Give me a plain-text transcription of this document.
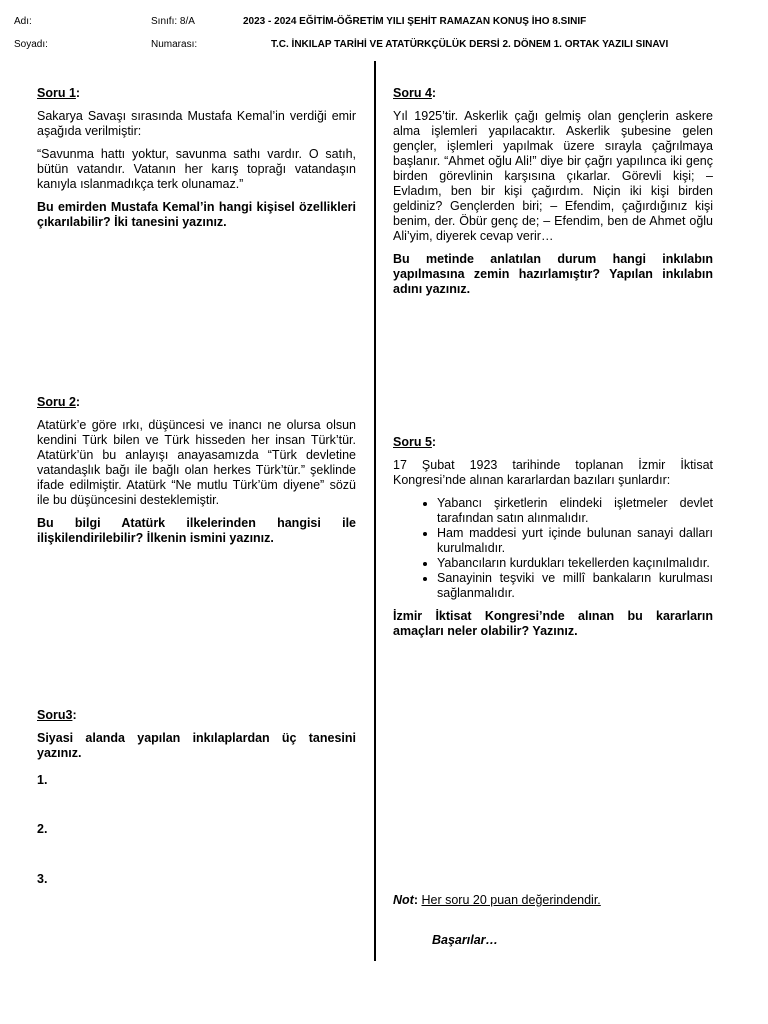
Adı:	Sınıfı: 8/A	2023 - 2024 EĞİTİM-ÖĞRETİM YILI ŞEHİT RAMAZAN KONUŞ İHO 8.SINIF
Soyadı:	Numarası:	T.C. İNKILAP TARİHİ VE ATATÜRKÇÜLÜK DERSİ 2. DÖNEM 1. ORTAK YAZILI SINAVI

Soru 1:

Sakarya Savaşı sırasında Mustafa Kemal’in verdiği emir aşağıda verilmiştir:

“Savunma hattı yoktur, savunma sathı vardır. O satıh, bütün vatandır. Vatanın her karış toprağı vatandaşın kanıyla ıslanmadıkça terk olunamaz.”

Bu emirden Mustafa Kemal’in hangi kişisel özellikleri çıkarılabilir? İki tanesini yazınız.

Soru 2:

Atatürk’e göre ırkı, düşüncesi ve inancı ne olursa olsun kendini Türk bilen ve Türk hisseden her insan Türk’tür. Atatürk’ün bu anlayışı anayasamızda “Türk devletine vatandaşlık bağı ile bağlı olan herkes Türk’tür.” şeklinde ifade edilmiştir. Atatürk “Ne mutlu Türk’üm diyene” sözü ile bu düşüncesini desteklemiştir.

Bu bilgi Atatürk ilkelerinden hangisi ile ilişkilendirilebilir? İlkenin ismini yazınız.

Soru3:

Siyasi alanda yapılan inkılaplardan üç tanesini yazınız.

1.
2.
3.

Soru 4:

Yıl 1925’tir. Askerlik çağı gelmiş olan gençlerin askere alma işlemleri yapılacaktır. Askerlik şubesine gelen gençler, işlemleri yapılmak üzere sırayla çağrılmaya başlanır. “Ahmet oğlu Ali!” diye bir çağrı yapılınca iki genç birden görevlinin karşısına çıkarlar. Görevli kişi; – Evladım, ben bir kişi çağırdım. Niçin iki kişi birden geldiniz? Gençlerden biri; – Efendim, çağırdığınız kişi benim, der. Öbür genç de; – Efendim, ben de Ahmet oğlu Ali’yim, diyerek cevap verir…

Bu metinde anlatılan durum hangi inkılabın yapılmasına zemin hazırlamıştır? Yapılan inkılabın adını yazınız.

Soru 5:

17 Şubat 1923 tarihinde toplanan İzmir İktisat Kongresi’nde alınan kararlardan bazıları şunlardır:

• Yabancı şirketlerin elindeki işletmeler devlet tarafından satın alınmalıdır.
• Ham maddesi yurt içinde bulunan sanayi dalları kurulmalıdır.
• Yabancıların kurdukları tekellerden kaçınılmalıdır.
• Sanayinin teşviki ve millî bankaların kurulması sağlanmalıdır.

İzmir İktisat Kongresi’nde alınan bu kararların amaçları neler olabilir? Yazınız.

Not: Her soru 20 puan değerindendir.
Başarılar…
